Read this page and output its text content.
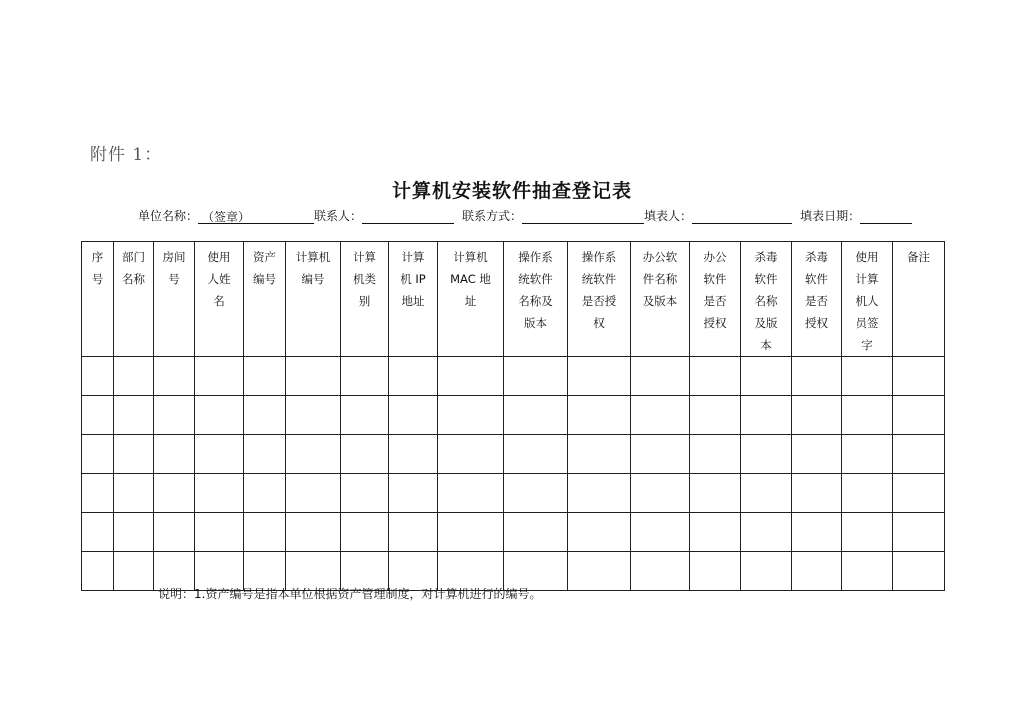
附件 1：
计算机安装软件抽查登记表
单位名称： （签章）	联系人：	联系方式：	填表人：	填表日期：
序号	部门名称	房间号	使用人姓名	资产编号	计算机编号	计算机类别	计算机 IP 地址	计算机 MAC 地址	操作系统软件名称及版本	操作系统软件是否授权	办公软件名称及版本	办公软件是否授权	杀毒软件名称及版本	杀毒软件是否授权	使用计算机人员签字	备注

说明：1.资产编号是指本单位根据资产管理制度，对计算机进行的编号。
